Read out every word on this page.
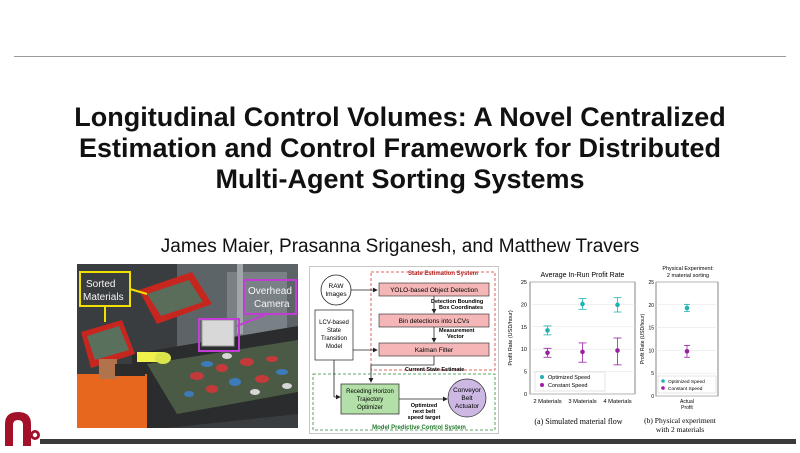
Longitudinal Control Volumes: A Novel Centralized Estimation and Control Framework for Distributed Multi-Agent Sorting Systems
James Maier, Prasanna Sriganesh, and Matthew Travers
Sorted
Materials
Overhead
Camera
State Estimation System
Model Predictive Control System
RAW
Images
YOLO-based Object Detection
Detection Bounding
Box Coordinates
Bin detections into LCVs
Measurement
Vector
Kalman Filter
LCV-based
State
Transition
Model
Current State Estimate
Receding Horizon
Trajectory
Optimizer	Optimized
next belt
speed target
Conveyor
Belt
Actuator
Average In-Run Profit Rate
0
5
10
15
20
25
Profit Rate (USD/hour)
2 Materials 3 Materials 4 Materials
Optimized Speed
Constant Speed
(a) Simulated material flow
Physical Experiment:
2 material sorting
0
5
10
15
20
25
Profit Rate (USD/hour)
Actual
Profit
Optimized Speed
Constant Speed
(b) Physical experiment
with 2 materials
